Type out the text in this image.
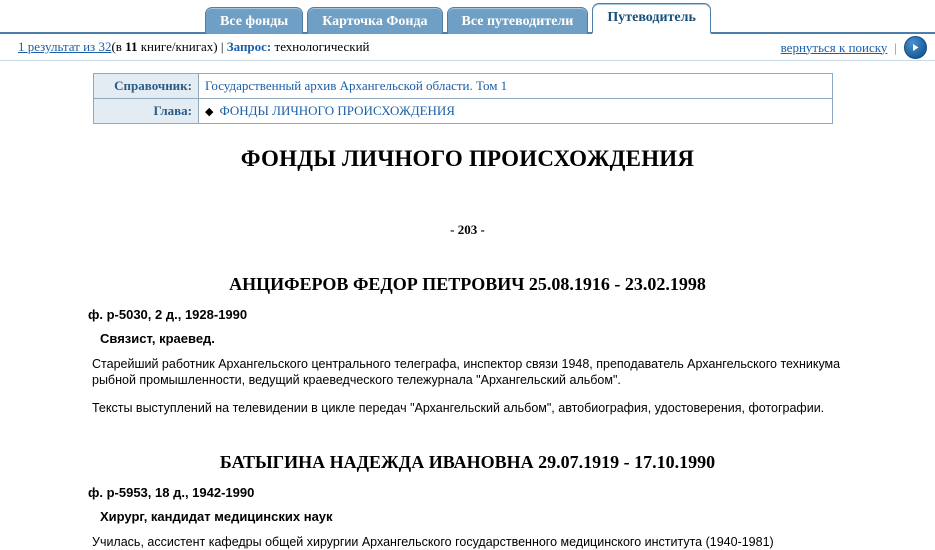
Все фонды	Карточка Фонда	Все путеводители	Путеводитель
1 результат из 32(в 11 книге/книгах) | Запрос: технологический	вернуться к поиску |
Справочник:	Государственный архив Архангельской области. Том 1
Глава:	◆ ФОНДЫ ЛИЧНОГО ПРОИСХОЖДЕНИЯ
ФОНДЫ ЛИЧНОГО ПРОИСХОЖДЕНИЯ
- 203 -
АНЦИФЕРОВ ФЕДОР ПЕТРОВИЧ 25.08.1916 - 23.02.1998
ф. р-5030, 2 д., 1928-1990
Связист, краевед.
Старейший работник Архангельского центрального телеграфа, инспектор связи 1948, преподаватель Архангельского техникума рыбной промышленности, ведущий краеведческого тележурнала "Архангельский альбом".
Тексты выступлений на телевидении в цикле передач "Архангельский альбом", автобиография, удостоверения, фотографии.
БАТЫГИНА НАДЕЖДА ИВАНОВНА 29.07.1919 - 17.10.1990
ф. р-5953, 18 д., 1942-1990
Хирург, кандидат медицинских наук
Училась, ассистент кафедры общей хирургии Архангельского государственного медицинского института (1940-1981)
